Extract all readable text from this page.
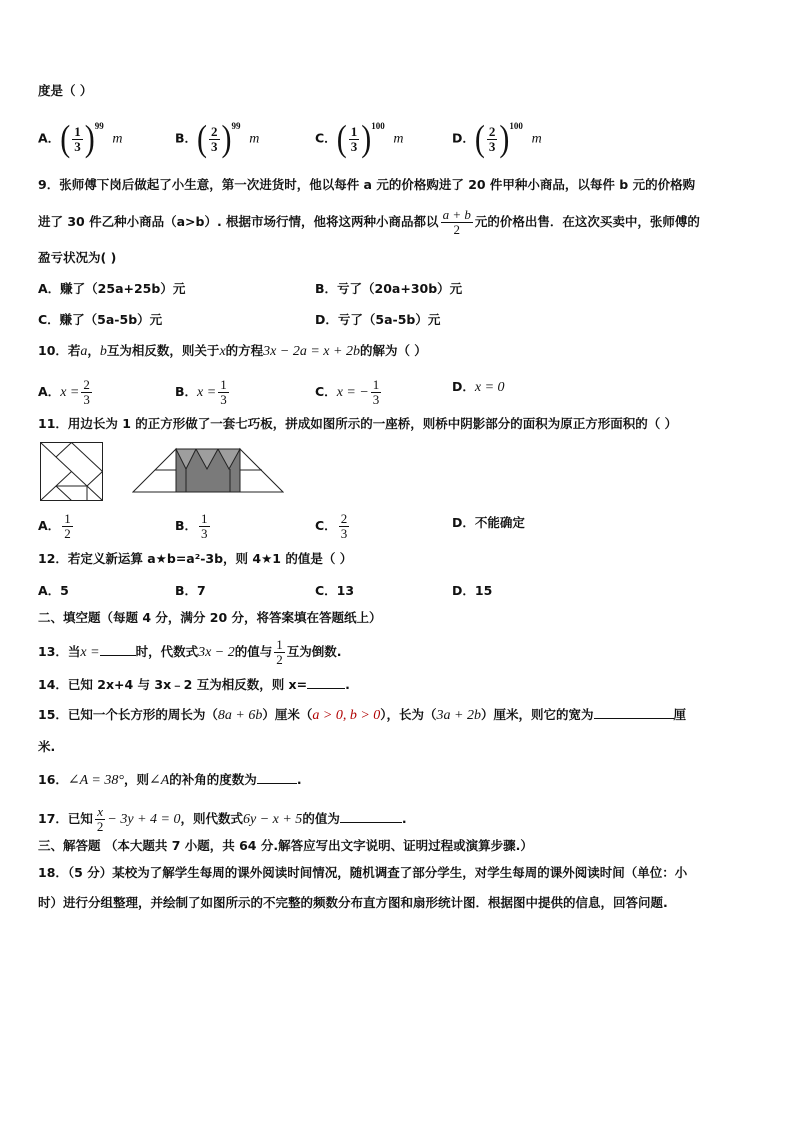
度是（ ）
A．( $\frac{1}{3} )^{99}$  m	B．( $\frac{2}{3} )^{99}$  m	C．( $\frac{1}{3} )^{100}$  m	D．( $\frac{2}{3} )^{100}$  m
9．张师傅下岗后做起了小生意，第一次进货时，他以每件 a 元的价格购进了 20 件甲种小商品，以每件 b 元的价格购
进了 30 件乙种小商品（a>b）. 根据市场行情，他将这两种小商品都以 $\frac{a + b}{2}$ 元的价格出售．在这次买卖中，张师傅的
盈亏状况为( )
A．赚了（25a+25b）元	B．亏了（20a+30b）元
C．赚了（5a-5b）元	D．亏了（5a-5b）元
10．若a，b互为相反数，则关于x的方程3x − 2a = x + 2b的解为（ ）
A．$x = \frac{2}{3}$	B．$x = \frac{1}{3}$	C．x = − $\frac{1}{3}$	D．x = 0
11．用边长为 1 的正方形做了一套七巧板，拼成如图所示的一座桥，则桥中阴影部分的面积为原正方形面积的（ ）
A． $\frac{1}{2}$	B． $\frac{1}{3}$	C． $\frac{2}{3}$	D．不能确定
12．若定义新运算 a★b=a²-3b，则 4★1 的值是（ ）
A．5	B．7	C．13	D．15
二、填空题（每题 4 分，满分 20 分，将答案填在答题纸上）
13．当x =	时，代数式3x − 2的值与 $\frac{1}{2}$ 互为倒数.
14．已知 2x+4 与 3x﹣2 互为相反数，则 x=	.
15．已知一个长方形的周长为（8a + 6b）厘米（a > 0, b > 0），长为（3a + 2b）厘米，则它的宽为	厘
米.
16．∠A = 38°，则∠A的补角的度数为	.
17．已知 $\frac{x}{2} - 3y + 4 = 0$，则代数式6y − x + 5的值为	.
三、解答题 （本大题共 7 小题，共 64 分.解答应写出文字说明、证明过程或演算步骤.）
18．（5 分）某校为了解学生每周的课外阅读时间情况，随机调查了部分学生，对学生每周的课外阅读时间（单位：小
时）进行分组整理，并绘制了如图所示的不完整的频数分布直方图和扇形统计图．根据图中提供的信息，回答问题.
